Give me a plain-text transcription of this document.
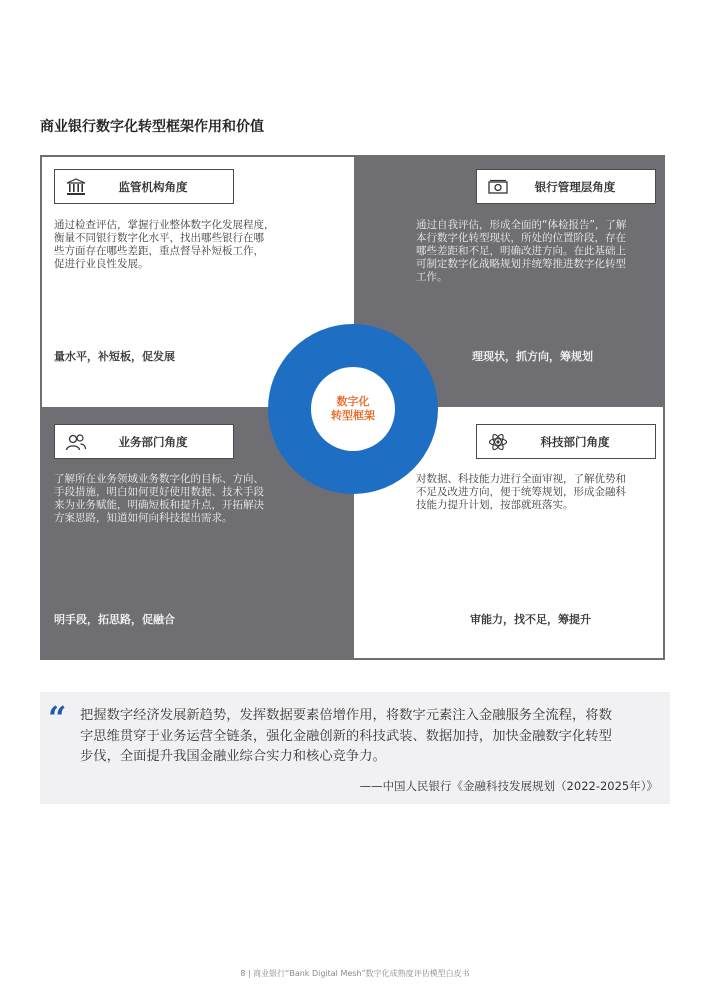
商业银行数字化转型框架作用和价值
监管机构角度

通过检查评估，掌握行业整体数字化发展程度，
衡量不同银行数字化水平，找出哪些银行在哪
些方面存在哪些差距，重点督导补短板工作，
促进行业良性发展。

量水平，补短板，促发展
银行管理层角度

通过自我评估，形成全面的“体检报告”，了解
本行数字化转型现状，所处的位置阶段，存在
哪些差距和不足，明确改进方向。在此基础上
可制定数字化战略规划并统筹推进数字化转型
工作。

理现状，抓方向，筹规划
业务部门角度

了解所在业务领域业务数字化的目标、方向、
手段措施，明白如何更好使用数据、技术手段
来为业务赋能，明确短板和提升点，开拓解决
方案思路，知道如何向科技提出需求。

明手段，拓思路，促融合
科技部门角度

对数据、科技能力进行全面审视，了解优势和
不足及改进方向，便于统筹规划，形成金融科
技能力提升计划，按部就班落实。

审能力，找不足，筹提升
数字化
转型框架
“ 把握数字经济发展新趋势，发挥数据要素倍增作用，将数字元素注入金融服务全流程，将数
字思维贯穿于业务运营全链条，强化金融创新的科技武装、数据加持，加快金融数字化转型
步伐，全面提升我国金融业综合实力和核心竞争力。

——中国人民银行《金融科技发展规划（2022-2025年）》
8 | 商业银行“Bank Digital Mesh”数字化成熟度评估模型白皮书
